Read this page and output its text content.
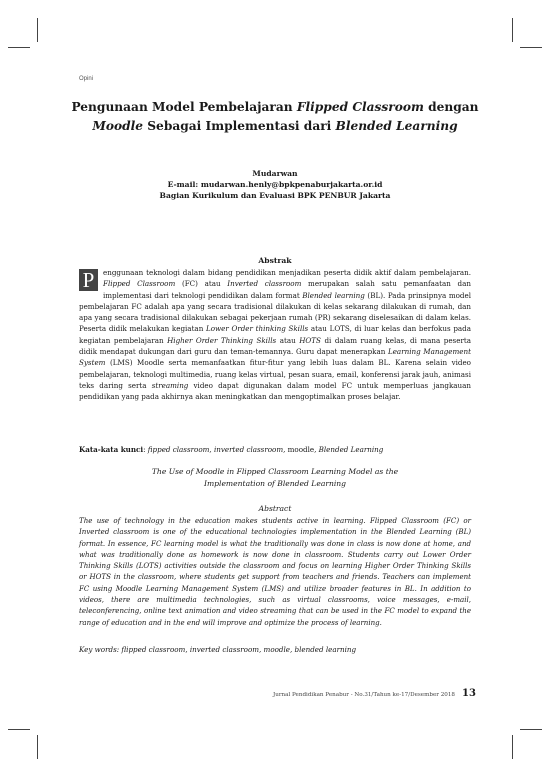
Opini
Pengunaan Model Pembelajaran Flipped Classroom dengan
Moodle Sebagai Implementasi dari Blended Learning
Mudarwan
E-mail: mudarwan.henly@bpkpenaburjakarta.or.id
Bagian Kurikulum dan Evaluasi BPK PENBUR Jakarta
Abstrak
P	enggunaan teknologi dalam bidang pendidikan menjadikan peserta didik aktif dalam pembelajaran. Flipped Classroom (FC) atau Inverted classroom merupakan salah satu pemanfaatan dan implementasi dari teknologi pendidikan dalam format Blended learning (BL). Pada prinsipnya model pembelajaran FC adalah apa yang secara tradisional dilakukan di kelas sekarang dilakukan di rumah, dan apa yang secara tradisional dilakukan sebagai pekerjaan rumah (PR) sekarang diselesaikan di dalam kelas. Peserta didik melakukan kegiatan Lower Order thinking Skills atau LOTS, di luar kelas dan berfokus pada kegiatan pembelajaran Higher Order Thinking Skills atau HOTS di dalam ruang kelas, di mana peserta didik mendapat dukungan dari guru dan teman-temannya. Guru dapat menerapkan Learning Management System (LMS) Moodle serta memanfaatkan fitur-fitur yang lebih luas dalam BL. Karena selain video pembelajaran, teknologi multimedia, ruang kelas virtual, pesan suara, email, konferensi jarak jauh, animasi teks daring serta streaming video dapat digunakan dalam model FC untuk memperluas jangkauan pendidikan yang pada akhirnya akan meningkatkan dan mengoptimalkan proses belajar.
Kata-kata kunci: fipped classroom, inverted classroom, moodle, Blended Learning
The Use of Moodle in Flipped Classroom Learning Model as the
Implementation of Blended Learning
Abstract
The use of technology in the education makes students active in learning. Flipped Classroom (FC) or Inverted classroom is one of the educational technologies implementation in the Blended Learning (BL) format. In essence, FC learning model is what the traditionally was done in class is now done at home, and what was traditionally done as homework is now done in classroom. Students carry out Lower Order Thinking Skills (LOTS) activities outside the classroom and focus on learning Higher Order Thinking Skills or HOTS in the classroom, where students get support from teachers and friends. Teachers can implement FC using Moodle Learning Management System (LMS) and utilize broader features in BL. In addition to videos, there are multimedia technologies, such as virtual classrooms, voice messages, e-mail, teleconferencing, online text animation and video streaming that can be used in the FC model to expand the range of education and in the end will improve and optimize the process of learning.
Key words: flipped classroom, inverted classroom, moodle, blended learning
Jurnal Pendidikan Penabur - No.31/Tahun ke-17/Desember 2018 13
